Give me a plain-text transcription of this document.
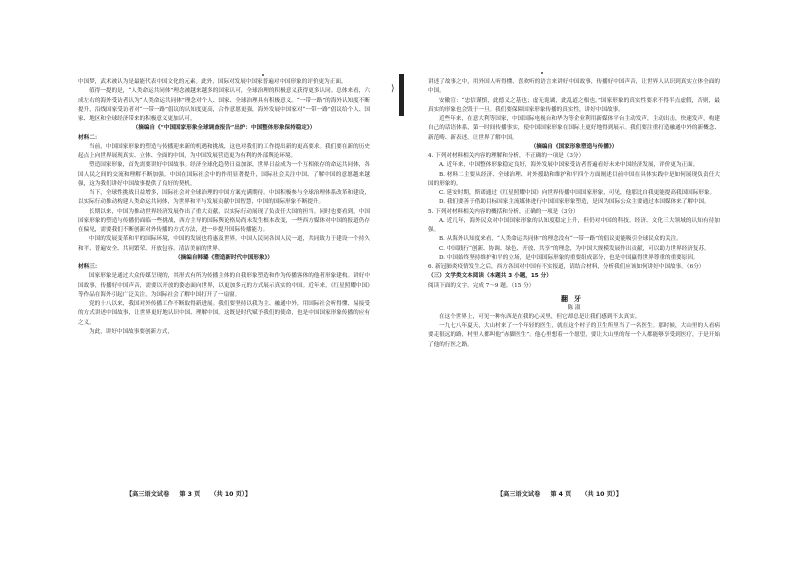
⟩

中国梦，武术被认为是最能代表中国文化的元素。此外，国际对发展中国家普遍对中国形象的评价更为正面。

值得一提的是，“人类命运共同体”理念被越来越多的国家认可，全球治理的积极意义获得更多认同。总体来看，六成左右的海外受访者认为“人类命运共同体”理念对个人、国家、全球治理具有积极意义。“一带一路”的海外认知度不断提升，沿线国家受访者对“一带一路”倡议的认知度更高，合作意愿更强，海外发展中国家对“一带一路”倡议给个人、国家、地区和全球经济带来的积极意义更加认可。

（摘编自《“中国国家形象全球调查报告”出炉：中国整体形象保持稳定》）

材料二：

当前，中国国家形象的塑造与传播迎来新的机遇和挑战，这也对我们的工作提出新的更高要求。我们要在新的历史起点上向世界展现真实、立体、全面的中国，为中国发展营造更为有利的外部舆论环境。

塑造国家形象，首先需要讲好中国故事。经济全球化趋势日益加深，世界日益成为一个互相依存的命运共同体，各国人民之间的交流和理解不断加强。中国在国际社会中的作用显著提升，国际社会关注中国、了解中国的意愿越来越强，这为我们讲好中国故事提供了良好的契机。

当下，全球性挑战日益增多，国际社会对全球治理的中国方案充满期待。中国积极参与全球治理体系改革和建设，以实际行动推动构建人类命运共同体，为世界和平与发展贡献中国智慧，中国的国际形象不断提升。

长期以来，中国为推动世界经济发展作出了重大贡献，以实际行动展现了负责任大国的担当。同时也要看到，中国国家形象的塑造与传播仍面临一些挑战，西方主导的国际舆论格局尚未发生根本改变，一些西方媒体对中国的报道仍存在偏见，需要我们不断创新对外传播的方式方法，进一步提升国际传播能力。

中国的发展变革和平的国际环境，中国的发展也将惠及世界。中国人民同各国人民一道，共同致力于建设一个持久和平、普遍安全、共同繁荣、开放包容、清洁美丽的世界。

（摘编自韩璐《塑造新时代中国形象》）

材料三：

国家形象是通过大众传媒呈现的，其形式有所为传播主体的自我形象塑造和作为传播客体的他者形象建构。讲好中国故事，传播好中国声音，需要以开放的姿态面向世界，以更加多元的方式展示真实的中国。近年来，《红星照耀中国》等作品在海外引起广泛关注，为国际社会了解中国打开了一扇窗。

党的十八以来，我国对外传播工作不断取得新进展。我们要坚持以我为主、融通中外，用国际社会听得懂、易接受的方式讲述中国故事，让世界更好地认识中国、理解中国。这既是时代赋予我们的使命，也是中国国家形象传播的应有之义。

为此，讲好中国故事要创新方式，

讲述了故事之中，用外国人听得懂、喜欢听的语言来讲好中国故事，传播好中国声音，让世界人认识到真实立体全面的中国。

安徽宣：“忠信谨慎，此德义之基也；虚无诡谲，此乱道之根也。”国家形象的真实性要求不得半点虚假，否则，最真实的形象也会毁于一旦。我们要保障国家形象传播的真实性，讲好中国故事。

近些年来，在意大利等国家，中国国际电视台和华为等企业利用新媒体平台主动发声，主动出击，快速发声，构建自己的话语体系，第一时间传播事实，使中国国家形象在国际上更好地得到展示。我们要注重打造融通中外的新概念、新范畴、新表述，让世界了解中国。

（摘编自《国家形象塑造与传播》）

4. 下列对材料相关内容的理解和分析，不正确的一项是（3分）

A. 近年来，中国整体形象稳定良好，海外发展中国家受访者普遍看好未来中国经济发展，评价更为正面。

B. 材料二主要从经济、全球治理、对外援助和维护和平四个方面阐述目前中国在具体实践中是如何展现负责任大国的形象的。

C. 延安时期，斯诺通过《红星照耀中国》向世界传播中国国家形象，可见，他那比自我更能提高我国国际形象。

D. 我们要善于借助目标国家主流媒体进行中国国家形象塑造，是因为国际公众主要通过本国媒体来了解中国。

5. 下列对材料相关内容的概括和分析，正确的一项是（3分）

A. 近几年，海外民众对中国国家形象的认知度稳定上升，但仍对中国的科技、经济、文化三大领域的认知有待加强。

B. 从海外认知度来看，“人类命运共同体”的理念没有“一带一路”的倡议更能吸引全球民众的关注。

C. 中国践行“创新、协调、绿色、开放、共享”的理念，为中国大规模发展作出贡献，可以助力世界经济复苏。

D. 中国始终坚持维护和平的立场，是中国国际形象的重要组成部分，也是中国赢得世界尊重的重要原因。

6. 新冠肺炎疫情发生之后，西方各国对中国有不实报道，请结合材料，分析我们应该如何讲好中国故事。（6分）

（三）文学类文本阅读（本题共 3 小题，15 分）

阅读下面的文字，完成 7～9 题。（15 分）

翻牙

陈 淑

在这个世界上，可见一种东西是在我的心灵里，但它却总是让我们感到不太真实。

一九七八年夏天，大山村来了一个年轻的医生，就在这个村子的卫生所里当了一名医生。那时候，大山里的人看病要走很远的路，村里人都叫他“赤脚医生”。他心里想着一个愿望，要让大山里的每一个人都能够享受到医疗，于是开始了他的行医之路。

【高三语文试卷 第 3 页 （共 10 页）】	【高三语文试卷 第 4 页 （共 10 页）】
